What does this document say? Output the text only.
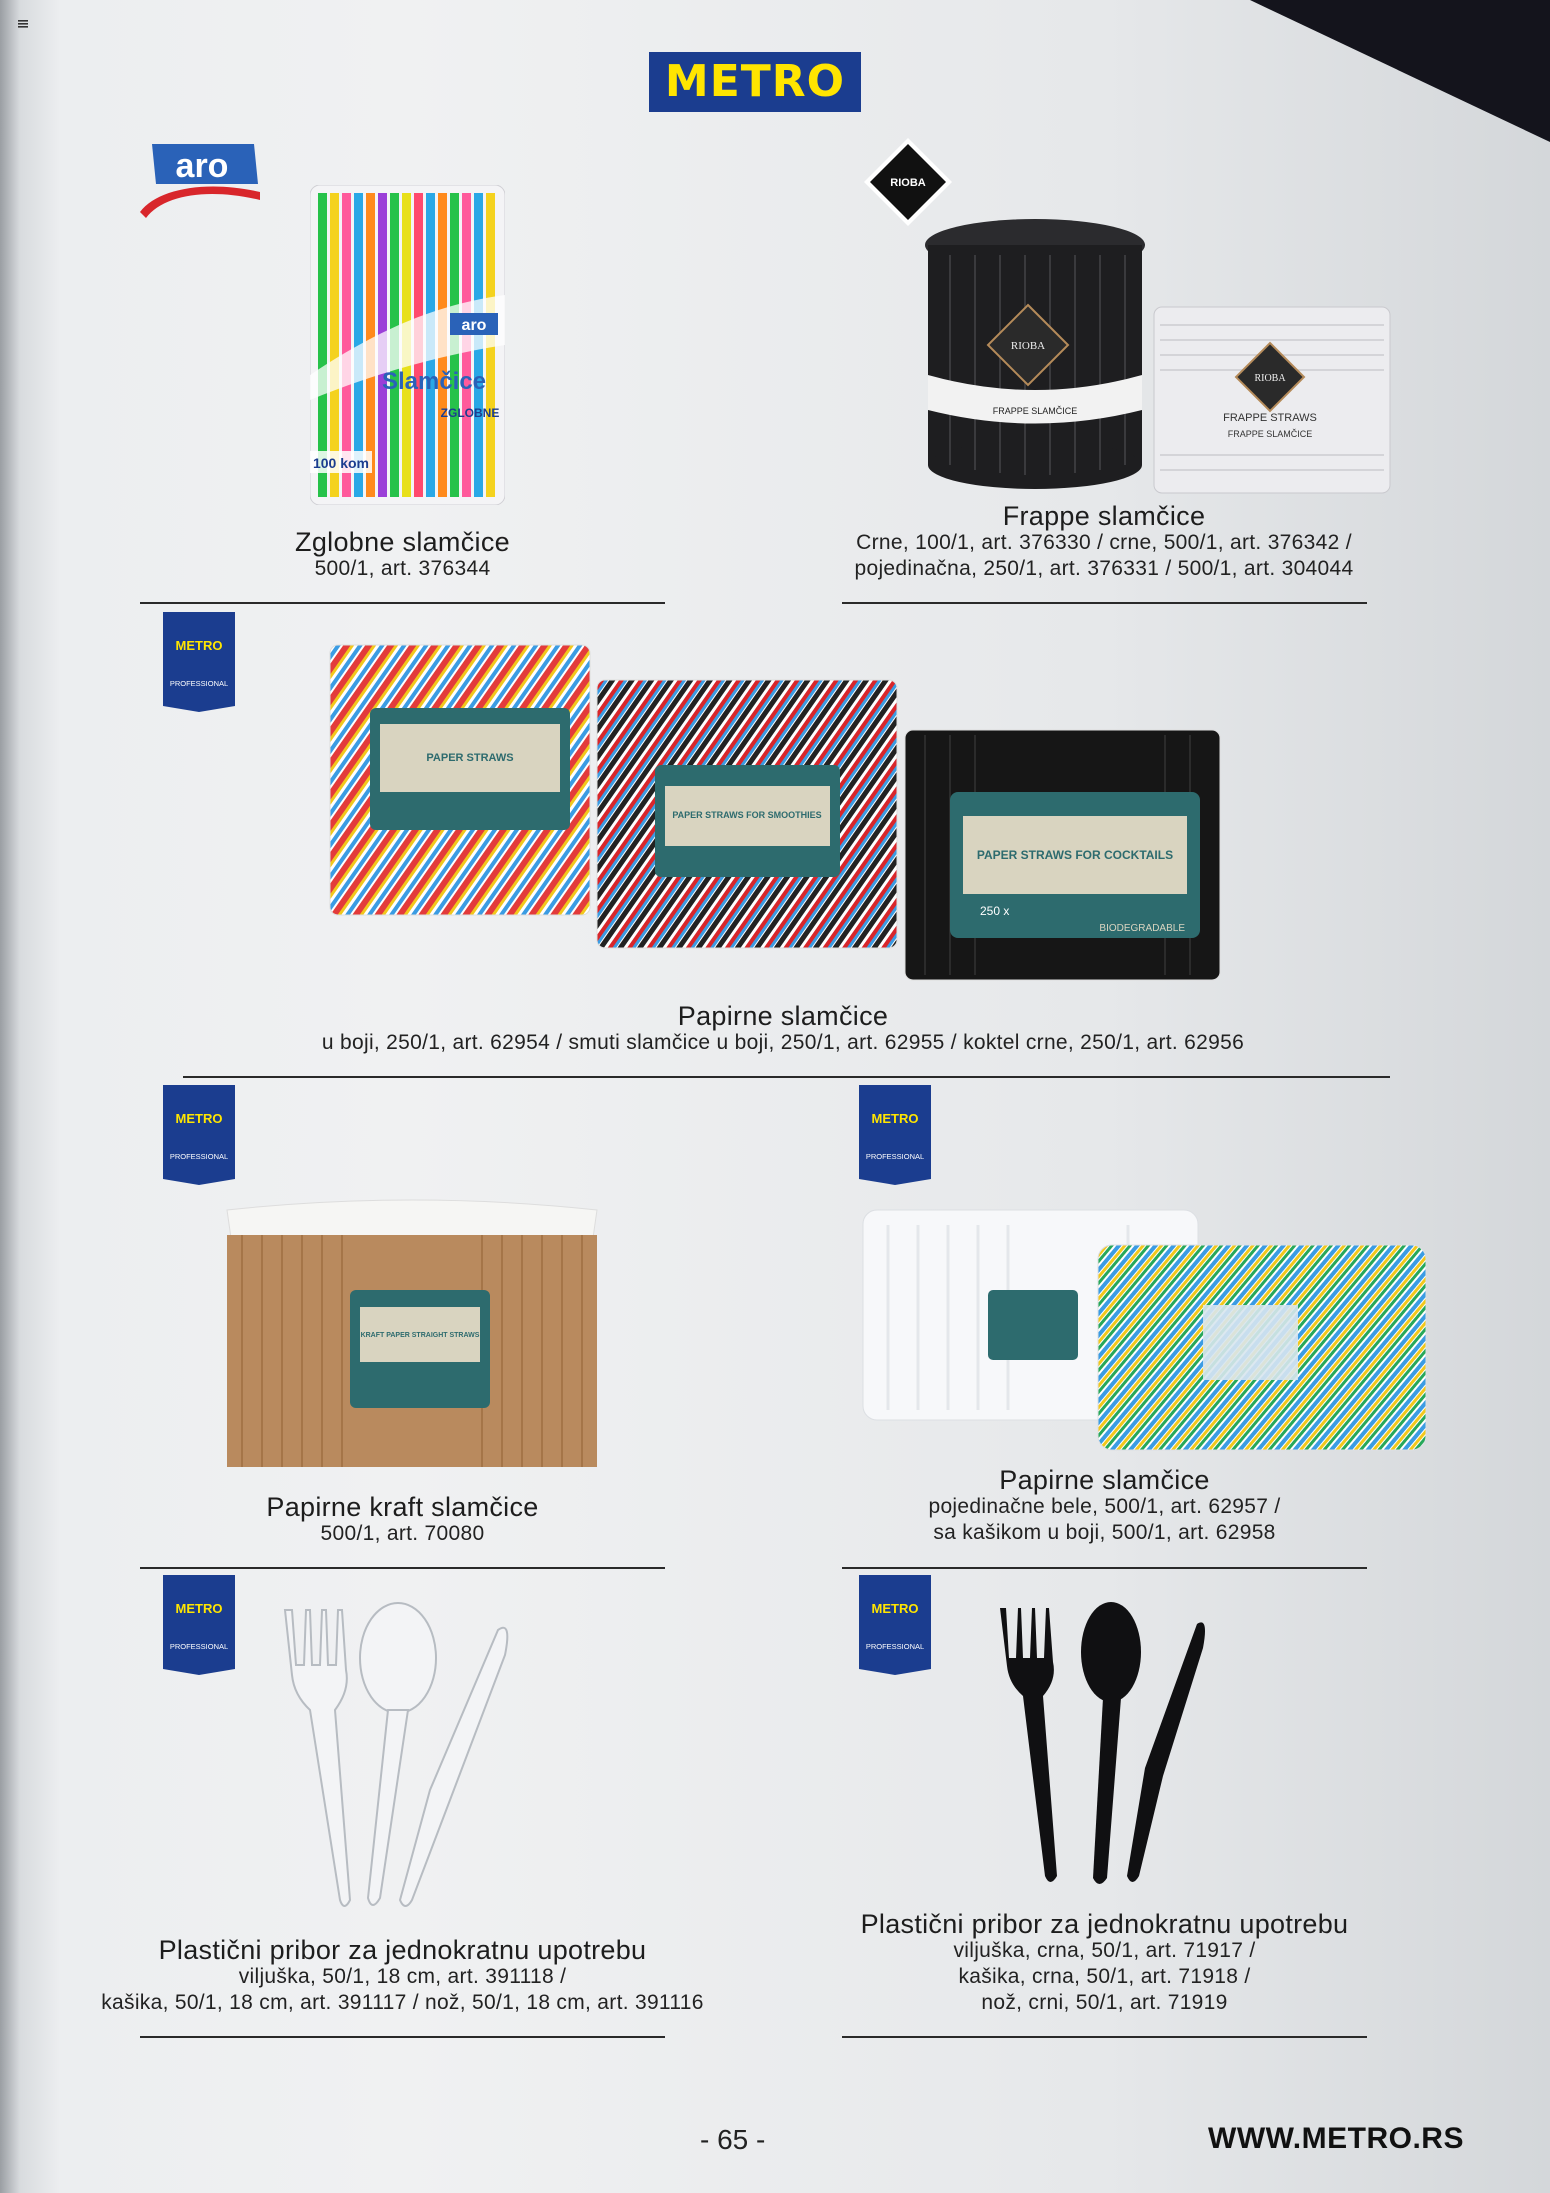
METRO
aro
aro
Slamčice
ZGLOBNE
100 kom
Zglobne slamčice
500/1, art. 376344
RIOBA
FRAPPE SLAMČICE
RIOBA
RIOBA
FRAPPE STRAWS
FRAPPE SLAMČICE
Frappe slamčice
Crne, 100/1, art. 376330 / crne, 500/1, art. 376342 /
pojedinačna, 250/1, art. 376331 / 500/1, art. 304044
METRO
PROFESSIONAL
PAPER STRAWS
PAPER STRAWS FOR SMOOTHIES
PAPER STRAWS FOR COCKTAILS
250 x
BIODEGRADABLE
Papirne slamčice
u boji, 250/1, art. 62954 / smuti slamčice u boji, 250/1, art. 62955 / koktel crne, 250/1, art. 62956
METRO
PROFESSIONAL
KRAFT PAPER STRAIGHT STRAWS
Papirne kraft slamčice
500/1, art. 70080
METRO
PROFESSIONAL
Papirne slamčice
pojedinačne bele, 500/1, art. 62957 /
sa kašikom u boji, 500/1, art. 62958
METRO
PROFESSIONAL
Plastični pribor za jednokratnu upotrebu
viljuška, 50/1, 18 cm, art. 391118 /
kašika, 50/1, 18 cm, art. 391117 / nož, 50/1, 18 cm, art. 391116
METRO
PROFESSIONAL
Plastični pribor za jednokratnu upotrebu
viljuška, crna, 50/1, art. 71917 /
kašika, crna, 50/1, art. 71918 /
nož, crni, 50/1, art. 71919
- 65 -	WWW.METRO.RS
